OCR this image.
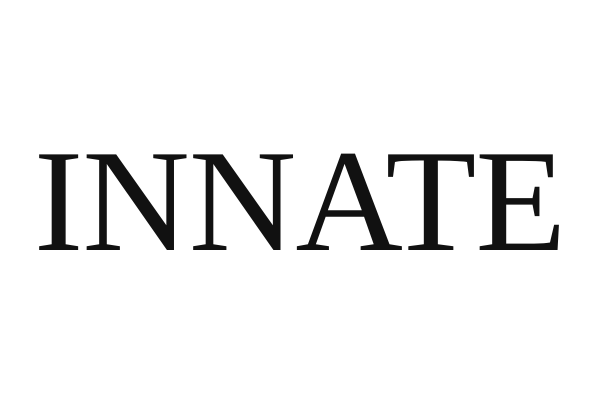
INNATE
